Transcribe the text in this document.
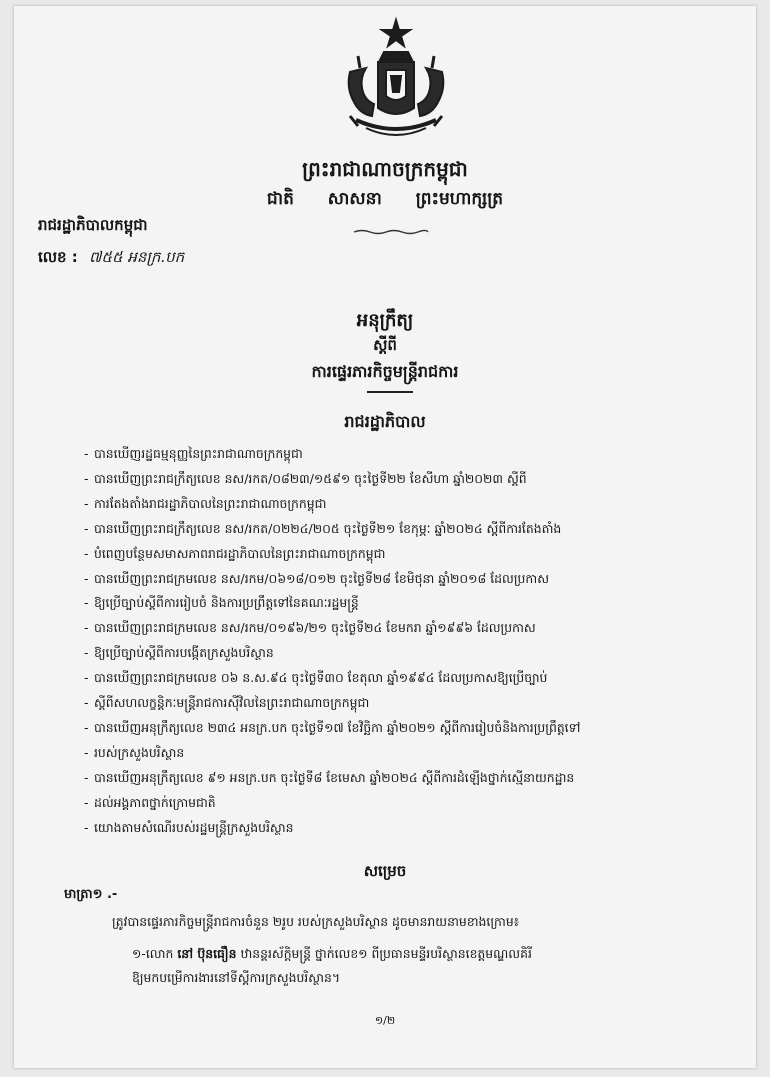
ព្រះរាជាណាចក្រកម្ពុជា
ជាតិ សាសនា ព្រះមហាក្សត្រ
រាជរដ្ឋាភិបាលកម្ពុជា
លេខ : ៧៥៥ អនក្រ.បក
អនុក្រឹត្យ
ស្តីពី
ការផ្ទេរភារកិច្ចមន្ត្រីរាជការ
រាជរដ្ឋាភិបាល
- បានឃើញរដ្ឋធម្មនុញ្ញនៃព្រះរាជាណាចក្រកម្ពុជា
- បានឃើញព្រះរាជក្រឹត្យលេខ នស/រកត/០៨២៣/១៥៩១ ចុះថ្ងៃទី២២ ខែសីហា ឆ្នាំ២០២៣ ស្តីពី
- ការតែងតាំងរាជរដ្ឋាភិបាលនៃព្រះរាជាណាចក្រកម្ពុជា
- បានឃើញព្រះរាជក្រឹត្យលេខ នស/រកត/០២២៤/២០៥ ចុះថ្ងៃទី២១ ខែកុម្ភៈ ឆ្នាំ២០២៤ ស្តីពីការតែងតាំង
- បំពេញបន្ថែមសមាសភាពរាជរដ្ឋាភិបាលនៃព្រះរាជាណាចក្រកម្ពុជា
- បានឃើញព្រះរាជក្រមលេខ នស/រកម/០៦១៨/០១២ ចុះថ្ងៃទី២៨ ខែមិថុនា ឆ្នាំ២០១៨ ដែលប្រកាស
- ឱ្យប្រើច្បាប់ស្តីពីការរៀបចំ និងការប្រព្រឹត្តទៅនៃគណៈរដ្ឋមន្ត្រី
- បានឃើញព្រះរាជក្រមលេខ នស/រកម/០១៩៦/២១ ចុះថ្ងៃទី២៤ ខែមករា ឆ្នាំ១៩៩៦ ដែលប្រកាស
- ឱ្យប្រើច្បាប់ស្តីពីការបង្កើតក្រសួងបរិស្ថាន
- បានឃើញព្រះរាជក្រមលេខ ០៦ ន.ស.៩៤ ចុះថ្ងៃទី៣០ ខែតុលា ឆ្នាំ១៩៩៤ ដែលប្រកាសឱ្យប្រើច្បាប់
- ស្តីពីសហលក្ខន្តិកៈមន្ត្រីរាជការស៊ីវិលនៃព្រះរាជាណាចក្រកម្ពុជា
- បានឃើញអនុក្រឹត្យលេខ ២៣៤ អនក្រ.បក ចុះថ្ងៃទី១៧ ខែវិច្ឆិកា ឆ្នាំ២០២១ ស្តីពីការរៀបចំនិងការប្រព្រឹត្តទៅ
- របស់ក្រសួងបរិស្ថាន
- បានឃើញអនុក្រឹត្យលេខ ៩១ អនក្រ.បក ចុះថ្ងៃទី៨ ខែមេសា ឆ្នាំ២០២៤ ស្តីពីការដំឡើងថ្នាក់ស្មើនាយកដ្ឋាន
- ដល់អង្គភាពថ្នាក់ក្រោមជាតិ
- យោងតាមសំណើរបស់រដ្ឋមន្ត្រីក្រសួងបរិស្ថាន
សម្រេច
មាត្រា១ .-
ត្រូវបានផ្ទេរភារកិច្ចមន្ត្រីរាជការចំនួន ២រូប របស់ក្រសួងបរិស្ថាន ដូចមានរាយនាមខាងក្រោម៖
១-លោក នៅ ប៊ុនធឿន ឋានន្តរស័ក្តិមន្ត្រី ថ្នាក់លេខ១ ពីប្រធានមន្ទីរបរិស្ថានខេត្តមណ្ឌលគិរី
ឱ្យមកបម្រើការងារនៅទីស្តីការក្រសួងបរិស្ថាន។
១/២
